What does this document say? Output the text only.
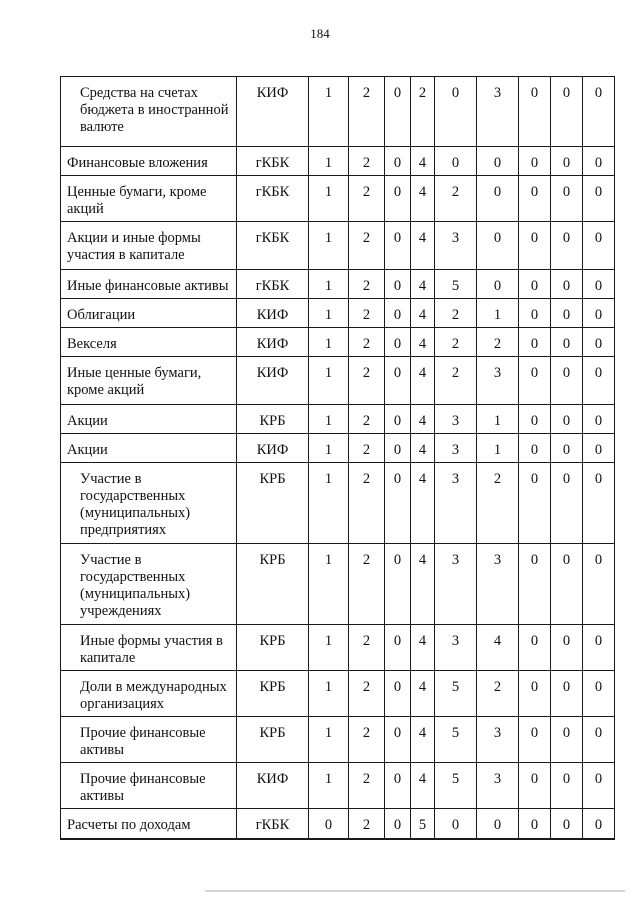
184
Средства на счетах бюджета в иностранной валюте	КИФ	1	2	0	2	0	3	0	0	0
Финансовые вложения	гКБК	1	2	0	4	0	0	0	0	0
Ценные бумаги, кроме акций	гКБК	1	2	0	4	2	0	0	0	0
Акции и иные формы участия в капитале	гКБК	1	2	0	4	3	0	0	0	0
Иные финансовые активы	гКБК	1	2	0	4	5	0	0	0	0
Облигации	КИФ	1	2	0	4	2	1	0	0	0
Векселя	КИФ	1	2	0	4	2	2	0	0	0
Иные ценные бумаги, кроме акций	КИФ	1	2	0	4	2	3	0	0	0
Акции	КРБ	1	2	0	4	3	1	0	0	0
Акции	КИФ	1	2	0	4	3	1	0	0	0
Участие в государственных (муниципальных) предприятиях	КРБ	1	2	0	4	3	2	0	0	0
Участие в государственных (муниципальных) учреждениях	КРБ	1	2	0	4	3	3	0	0	0
Иные формы участия в капитале	КРБ	1	2	0	4	3	4	0	0	0
Доли в международных организациях	КРБ	1	2	0	4	5	2	0	0	0
Прочие финансовые активы	КРБ	1	2	0	4	5	3	0	0	0
Прочие финансовые активы	КИФ	1	2	0	4	5	3	0	0	0
Расчеты по доходам	гКБК	0	2	0	5	0	0	0	0	0
